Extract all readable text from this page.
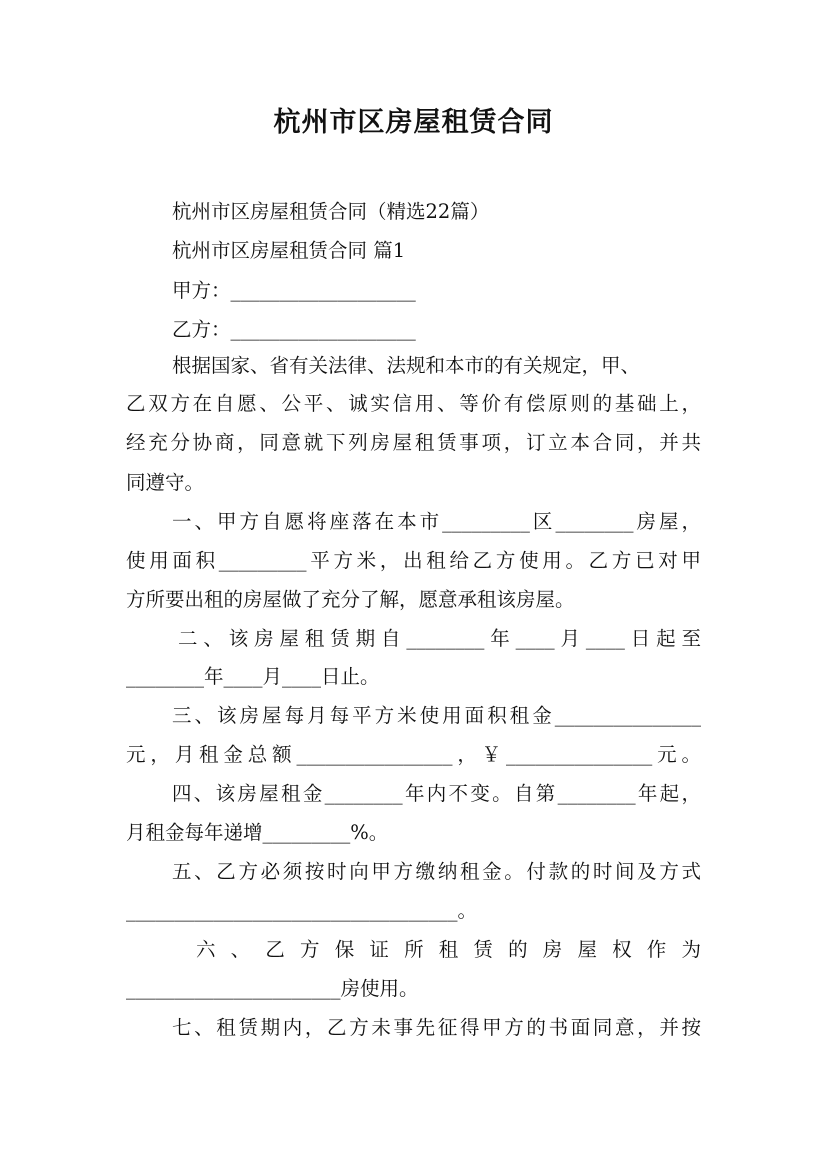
杭州市区房屋租赁合同
杭州市区房屋租赁合同（精选22篇）
杭州市区房屋租赁合同 篇1
甲方：___________________
乙方：___________________
根据国家、省有关法律、法规和本市的有关规定，甲、
乙双方在自愿、公平、诚实信用、等价有偿原则的基础上，
经充分协商，同意就下列房屋租赁事项，订立本合同，并共
同遵守。
一、甲方自愿将座落在本市_________区________房屋，
使用面积_________平方米，出租给乙方使用。乙方已对甲
方所要出租的房屋做了充分了解，愿意承租该房屋。
二、该房屋租赁期自________年____月____日起至
________年____月____日止。
三、该房屋每月每平方米使用面积租金_______________
元，月租金总额________________，￥_______________元。
四、该房屋租金________年内不变。自第________年起，
月租金每年递增_________%。
五、乙方必须按时向甲方缴纳租金。付款的时间及方式
__________________________________。
六、乙方保证所租赁的房屋权作为
______________________房使用。
七、租赁期内，乙方未事先征得甲方的书面同意，并按
